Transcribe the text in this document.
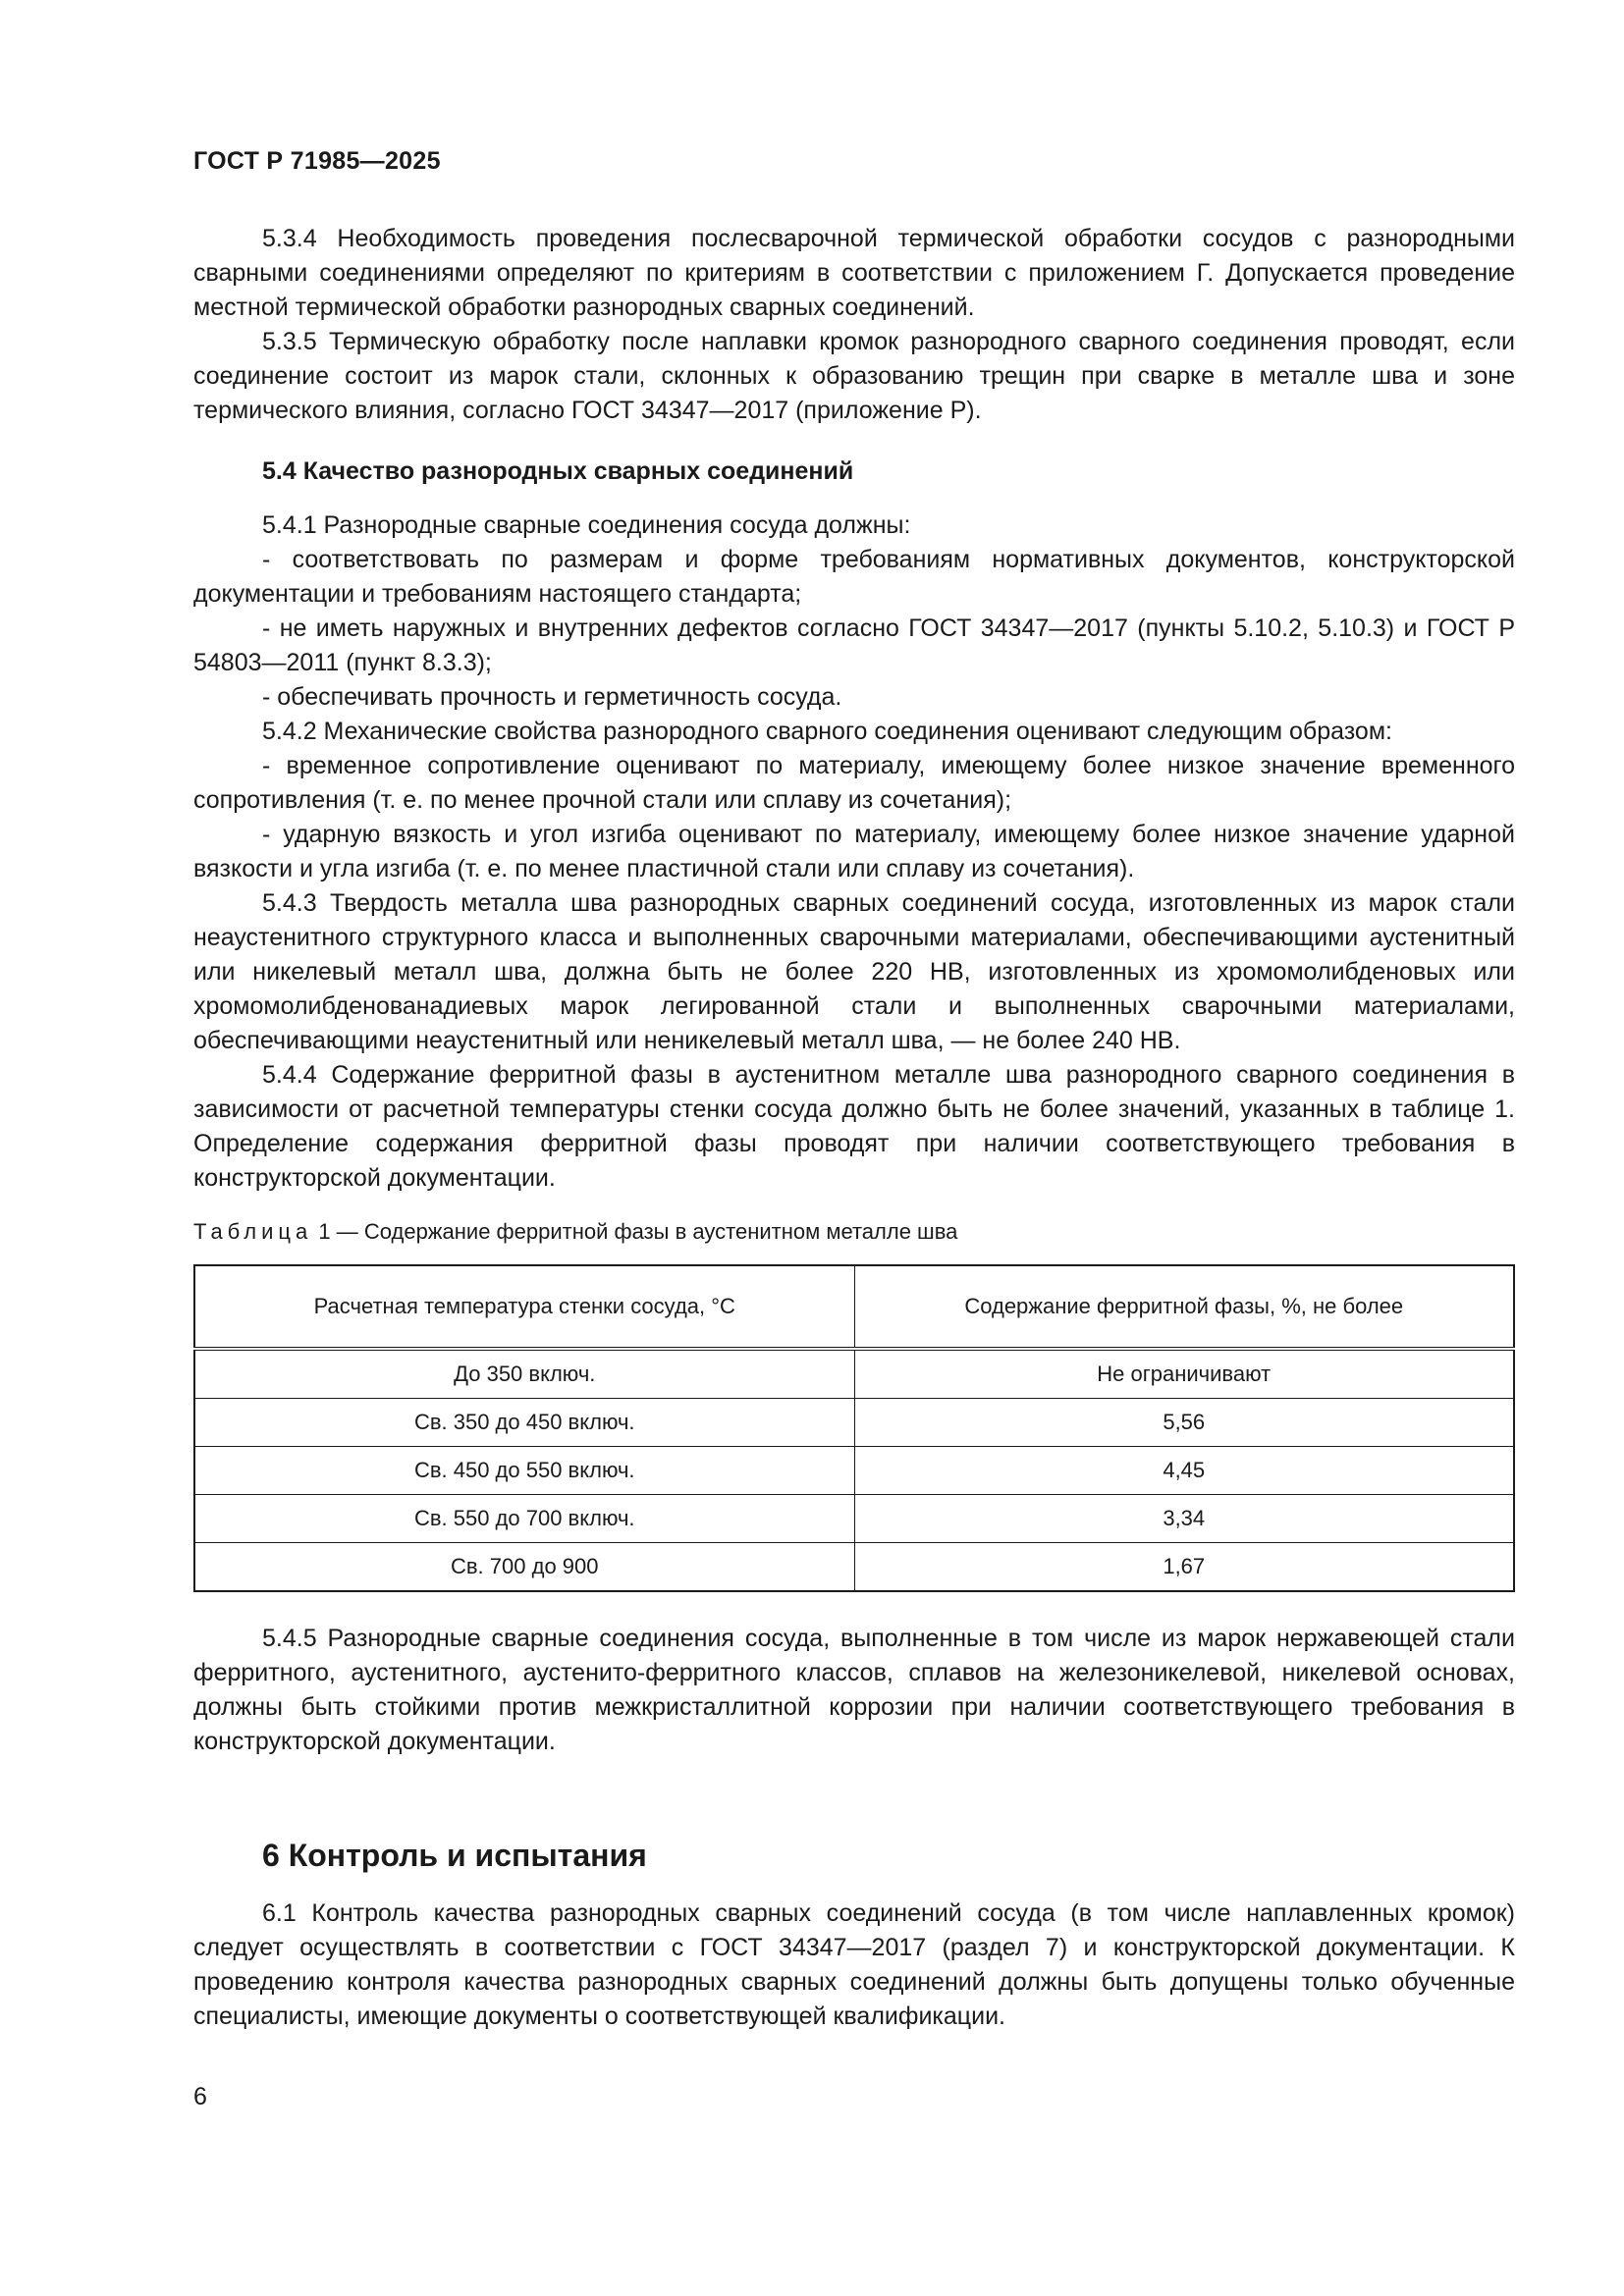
ГОСТ Р 71985—2025

5.3.4 Необходимость проведения послесварочной термической обработки сосудов с разнородными сварными соединениями определяют по критериям в соответствии с приложением Г. Допускается проведение местной термической обработки разнородных сварных соединений.

5.3.5 Термическую обработку после наплавки кромок разнородного сварного соединения проводят, если соединение состоит из марок стали, склонных к образованию трещин при сварке в металле шва и зоне термического влияния, согласно ГОСТ 34347—2017 (приложение Р).

5.4 Качество разнородных сварных соединений

5.4.1 Разнородные сварные соединения сосуда должны:

- соответствовать по размерам и форме требованиям нормативных документов, конструкторской документации и требованиям настоящего стандарта;

- не иметь наружных и внутренних дефектов согласно ГОСТ 34347—2017 (пункты 5.10.2, 5.10.3) и ГОСТ Р 54803—2011 (пункт 8.3.3);

- обеспечивать прочность и герметичность сосуда.

5.4.2 Механические свойства разнородного сварного соединения оценивают следующим образом:

- временное сопротивление оценивают по материалу, имеющему более низкое значение временного сопротивления (т. е. по менее прочной стали или сплаву из сочетания);

- ударную вязкость и угол изгиба оценивают по материалу, имеющему более низкое значение ударной вязкости и угла изгиба (т. е. по менее пластичной стали или сплаву из сочетания).

5.4.3 Твердость металла шва разнородных сварных соединений сосуда, изготовленных из марок стали неаустенитного структурного класса и выполненных сварочными материалами, обеспечивающими аустенитный или никелевый металл шва, должна быть не более 220 НВ, изготовленных из хромомолибденовых или хромомолибденованадиевых марок легированной стали и выполненных сварочными материалами, обеспечивающими неаустенитный или неникелевый металл шва, — не более 240 НВ.

5.4.4 Содержание ферритной фазы в аустенитном металле шва разнородного сварного соединения в зависимости от расчетной температуры стенки сосуда должно быть не более значений, указанных в таблице 1. Определение содержания ферритной фазы проводят при наличии соответствующего требования в конструкторской документации.

Таблица 1 — Содержание ферритной фазы в аустенитном металле шва
Расчетная температура стенки сосуда, °С	Содержание ферритной фазы, %, не более
До 350 включ.	Не ограничивают
Св. 350 до 450 включ.	5,56
Св. 450 до 550 включ.	4,45
Св. 550 до 700 включ.	3,34
Св. 700 до 900	1,67

5.4.5 Разнородные сварные соединения сосуда, выполненные в том числе из марок нержавеющей стали ферритного, аустенитного, аустенито-ферритного классов, сплавов на железоникелевой, никелевой основах, должны быть стойкими против межкристаллитной коррозии при наличии соответствующего требования в конструкторской документации.

6 Контроль и испытания

6.1 Контроль качества разнородных сварных соединений сосуда (в том числе наплавленных кромок) следует осуществлять в соответствии с ГОСТ 34347—2017 (раздел 7) и конструкторской документации. К проведению контроля качества разнородных сварных соединений должны быть допущены только обученные специалисты, имеющие документы о соответствующей квалификации.

6
